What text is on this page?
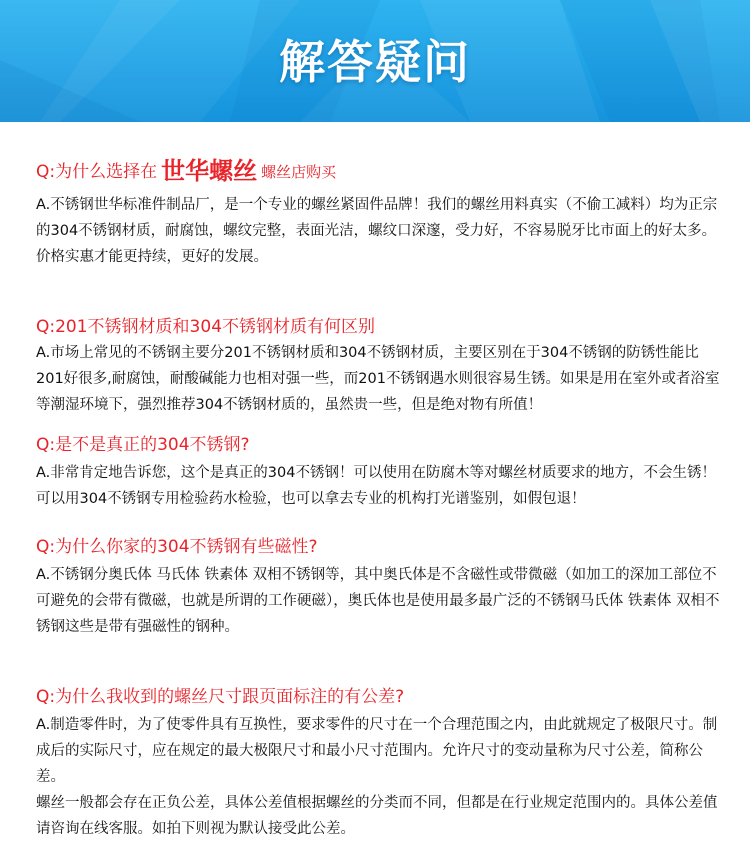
解答疑问
Q:为什么选择在 世华螺丝 螺丝店购买

A.不锈钢世华标准件制品厂，是一个专业的螺丝紧固件品牌！我们的螺丝用料真实（不偷工减料）均为正宗的304不锈钢材质，耐腐蚀，螺纹完整，表面光洁，螺纹口深邃，受力好，不容易脱牙比市面上的好太多。价格实惠才能更持续，更好的发展。

Q:201不锈钢材质和304不锈钢材质有何区别

A.市场上常见的不锈钢主要分201不锈钢材质和304不锈钢材质，主要区别在于304不锈钢的防锈性能比201好很多,耐腐蚀，耐酸碱能力也相对强一些，而201不锈钢遇水则很容易生锈。如果是用在室外或者浴室等潮湿环境下，强烈推荐304不锈钢材质的，虽然贵一些，但是绝对物有所值！

Q:是不是真正的304不锈钢?

A.非常肯定地告诉您，这个是真正的304不锈钢！可以使用在防腐木等对螺丝材质要求的地方，不会生锈！可以用304不锈钢专用检验药水检验，也可以拿去专业的机构打光谱鉴别，如假包退！

Q:为什么你家的304不锈钢有些磁性?

A.不锈钢分奥氏体 马氏体 铁素体 双相不锈钢等，其中奥氏体是不含磁性或带微磁（如加工的深加工部位不可避免的会带有微磁，也就是所谓的工作硬磁），奥氏体也是使用最多最广泛的不锈钢马氏体 铁素体 双相不锈钢这些是带有强磁性的钢种。

Q:为什么我收到的螺丝尺寸跟页面标注的有公差?

A.制造零件时，为了使零件具有互换性，要求零件的尺寸在一个合理范围之内，由此就规定了极限尺寸。制成后的实际尺寸，应在规定的最大极限尺寸和最小尺寸范围内。允许尺寸的变动量称为尺寸公差，简称公差。

螺丝一般都会存在正负公差，具体公差值根据螺丝的分类而不同，但都是在行业规定范围内的。具体公差值请咨询在线客服。如拍下则视为默认接受此公差。
